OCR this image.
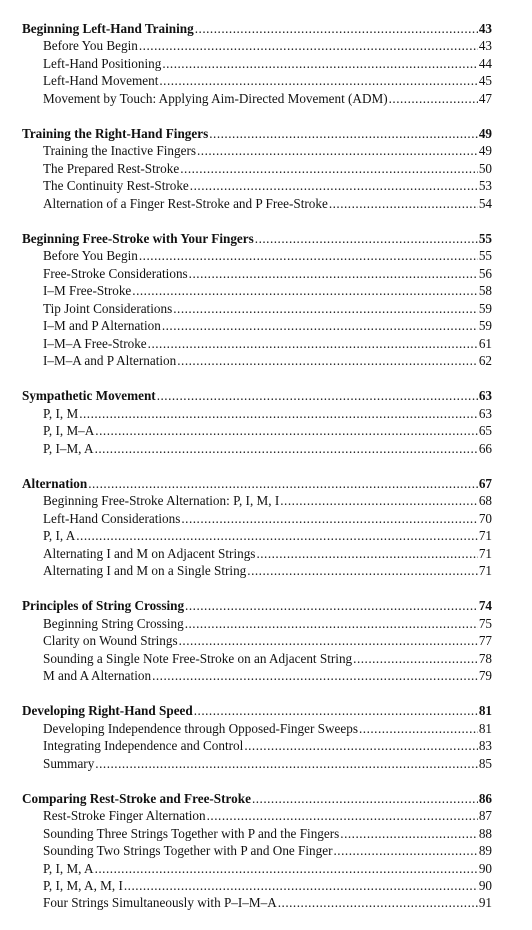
Beginning Left-Hand Training .....	43
Before You Begin .....	43
Left-Hand Positioning .....	44
Left-Hand Movement .....	45
Movement by Touch: Applying Aim-Directed Movement (ADM) .....	47
Training the Right-Hand Fingers .....	49
Training the Inactive Fingers .....	49
The Prepared Rest-Stroke .....	50
The Continuity Rest-Stroke .....	53
Alternation of a Finger Rest-Stroke and P Free-Stroke .....	54
Beginning Free-Stroke with Your Fingers .....	55
Before You Begin .....	55
Free-Stroke Considerations .....	56
I–M Free-Stroke .....	58
Tip Joint Considerations .....	59
I–M and P Alternation .....	59
I–M–A Free-Stroke .....	61
I–M–A and P Alternation .....	62
Sympathetic Movement .....	63
P, I, M .....	63
P, I, M–A .....	65
P, I–M, A .....	66
Alternation .....	67
Beginning Free-Stroke Alternation: P, I, M, I .....	68
Left-Hand Considerations .....	70
P, I, A .....	71
Alternating I and M on Adjacent Strings .....	71
Alternating I and M on a Single String .....	71
Principles of String Crossing .....	74
Beginning String Crossing .....	75
Clarity on Wound Strings .....	77
Sounding a Single Note Free-Stroke on an Adjacent String .....	78
M and A Alternation .....	79
Developing Right-Hand Speed .....	81
Developing Independence through Opposed-Finger Sweeps .....	81
Integrating Independence and Control .....	83
Summary .....	85
Comparing Rest-Stroke and Free-Stroke .....	86
Rest-Stroke Finger Alternation .....	87
Sounding Three Strings Together with P and the Fingers .....	88
Sounding Two Strings Together with P and One Finger .....	89
P, I, M, A .....	90
P, I, M, A, M, I .....	90
Four Strings Simultaneously with P–I–M–A .....	91
